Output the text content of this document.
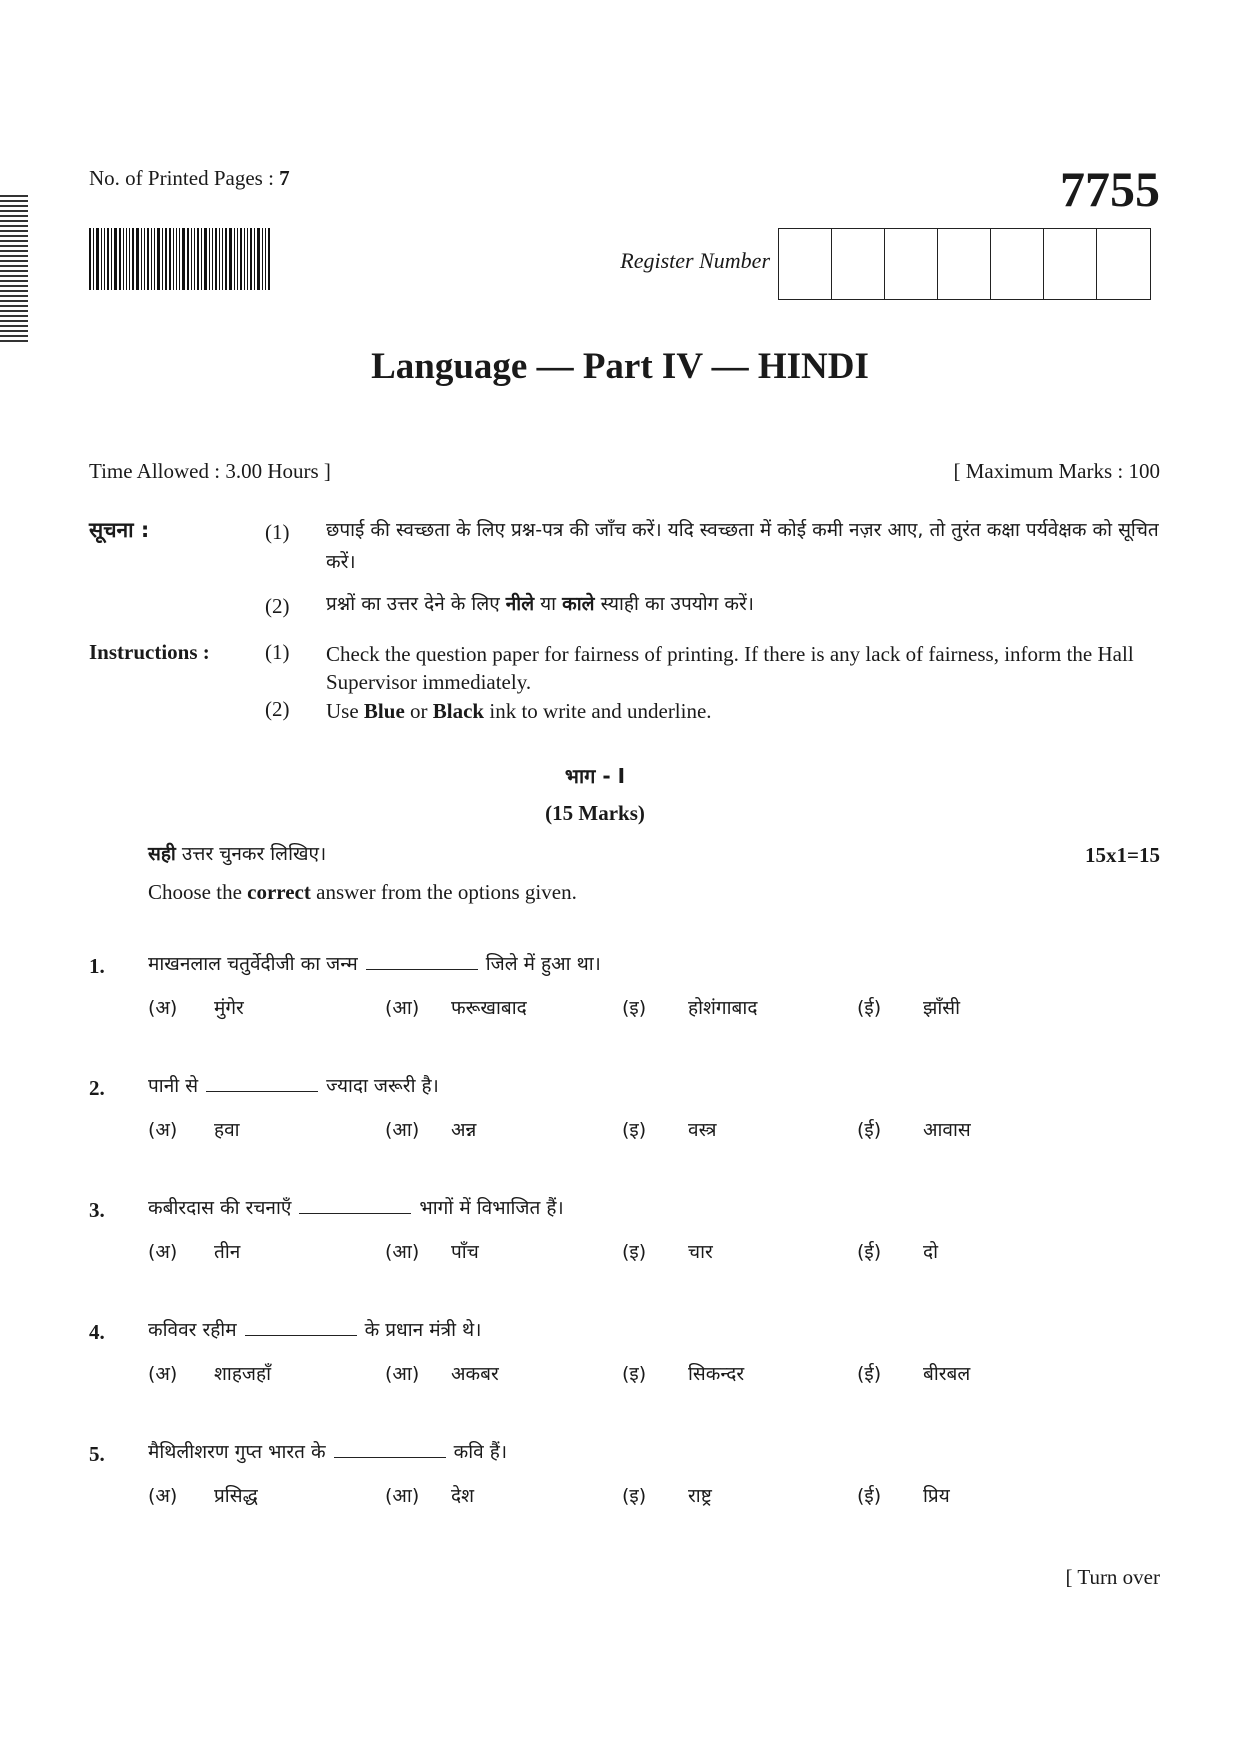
No. of Printed Pages : 7	7755
Register Number
Language — Part IV — HINDI
Time Allowed : 3.00 Hours ]	[ Maximum Marks : 100
सूचना :	(1) छपाई की स्वच्छता के लिए प्रश्न-पत्र की जाँच करें। यदि स्वच्छता में कोई कमी नज़र आए, तो तुरंत कक्षा पर्यवेक्षक को सूचित करें।
(2) प्रश्नों का उत्तर देने के लिए नीले या काले स्याही का उपयोग करें।
Instructions :	(1) Check the question paper for fairness of printing. If there is any lack of fairness, inform the Hall Supervisor immediately.
(2) Use Blue or Black ink to write and underline.
भाग - I
(15 Marks)
सही उत्तर चुनकर लिखिए।	15x1=15
Choose the correct answer from the options given.
1. माखनलाल चतुर्वेदीजी का जन्म	जिले में हुआ था।
(अ) मुंगेर	(आ) फरूखाबाद	(इ) होशंगाबाद	(ई) झाँसी
2. पानी से	ज्यादा जरूरी है।
(अ) हवा	(आ) अन्न	(इ) वस्त्र	(ई) आवास
3. कबीरदास की रचनाएँ	भागों में विभाजित हैं।
(अ) तीन	(आ) पाँच	(इ) चार	(ई) दो
4. कविवर रहीम	के प्रधान मंत्री थे।
(अ) शाहजहाँ	(आ) अकबर	(इ) सिकन्दर	(ई) बीरबल
5. मैथिलीशरण गुप्त भारत के	कवि हैं।
(अ) प्रसिद्ध	(आ) देश	(इ) राष्ट्र	(ई) प्रिय
[ Turn over
